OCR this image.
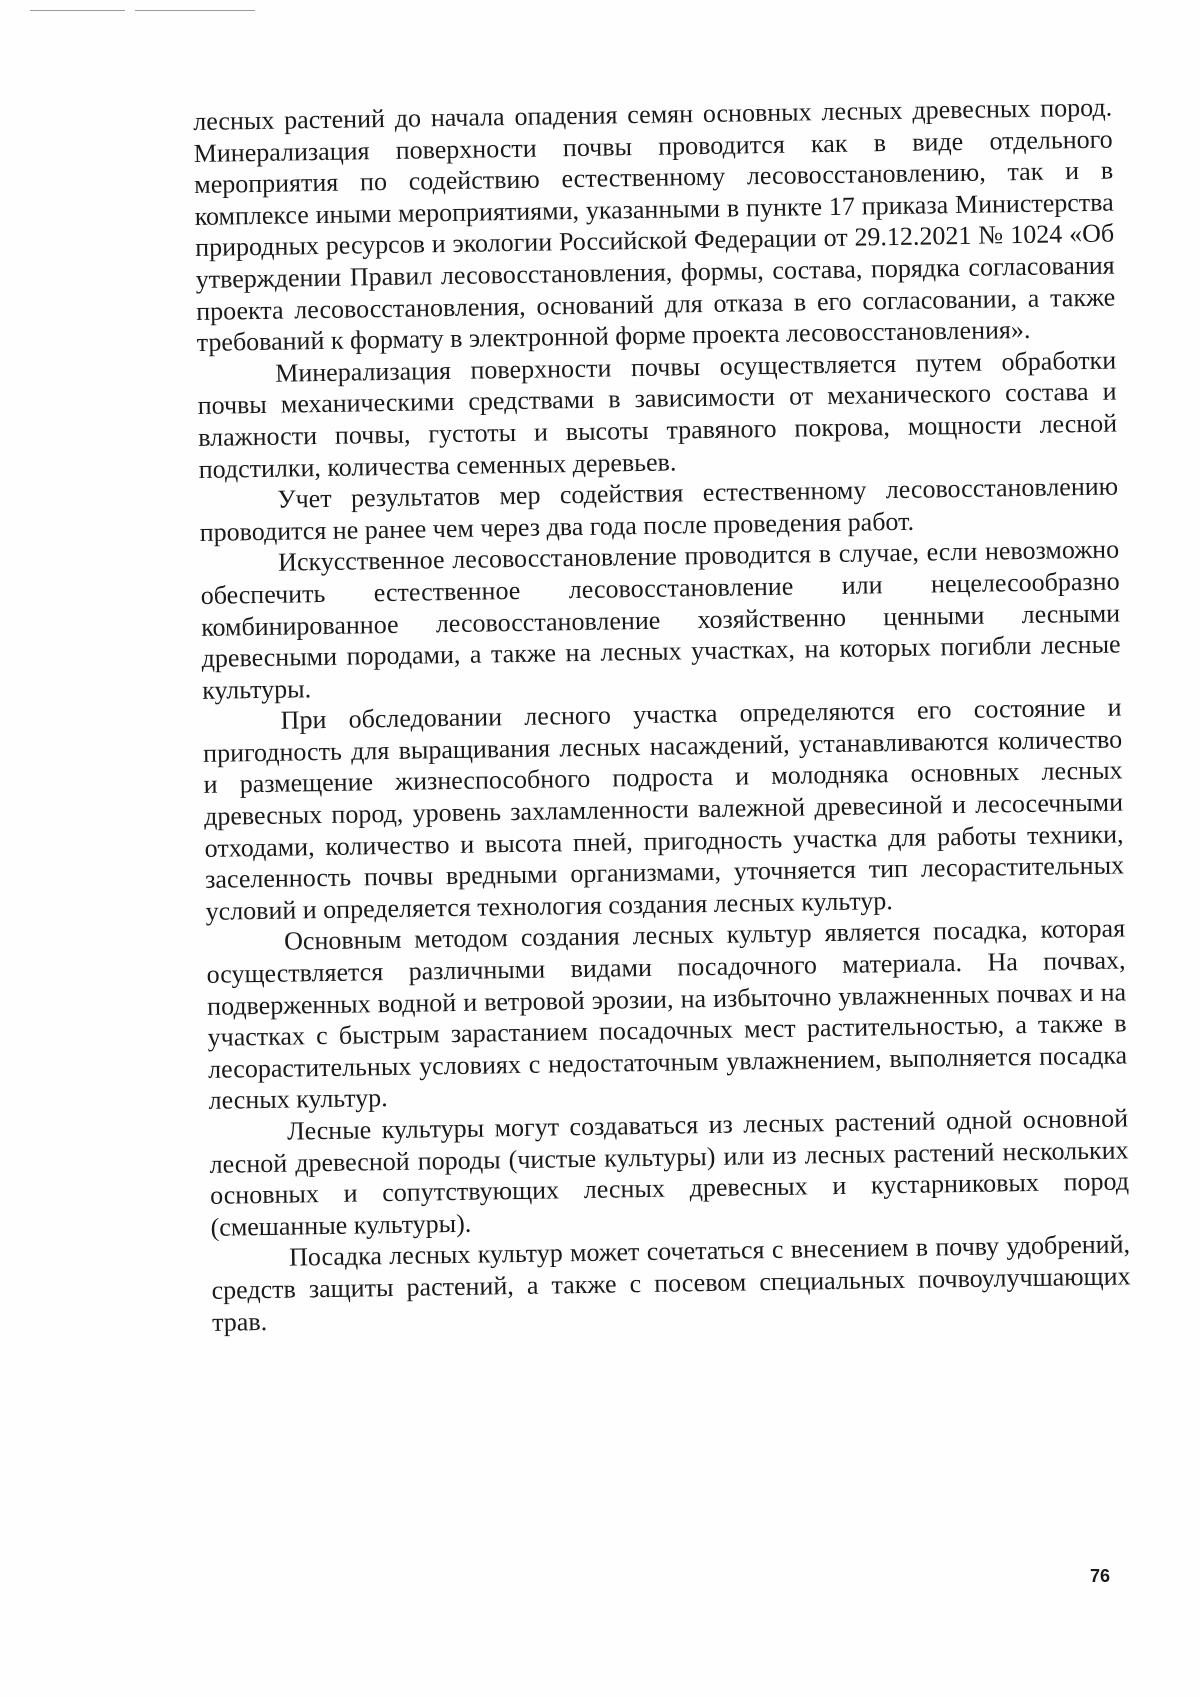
лесных растений до начала опадения семян основных лесных древесных пород. Минерализация поверхности почвы проводится как в виде отдельного мероприятия по содействию естественному лесовосстановлению, так и в комплексе иными мероприятиями, указанными в пункте 17 приказа Министерства природных ресурсов и экологии Российской Федерации от 29.12.2021 № 1024 «Об утверждении Правил лесовосстановления, формы, состава, порядка согласования проекта лесовосстановления, оснований для отказа в его согласовании, а также требований к формату в электронной форме проекта лесовосстановления».

Минерализация поверхности почвы осуществляется путем обработки почвы механическими средствами в зависимости от механического состава и влажности почвы, густоты и высоты травяного покрова, мощности лесной подстилки, количества семенных деревьев.

Учет результатов мер содействия естественному лесовосстановлению проводится не ранее чем через два года после проведения работ.

Искусственное лесовосстановление проводится в случае, если невозможно обеспечить естественное лесовосстановление или нецелесообразно комбинированное лесовосстановление хозяйственно ценными лесными древесными породами, а также на лесных участках, на которых погибли лесные культуры.

При обследовании лесного участка определяются его состояние и пригодность для выращивания лесных насаждений, устанавливаются количество и размещение жизнеспособного подроста и молодняка основных лесных древесных пород, уровень захламленности валежной древесиной и лесосечными отходами, количество и высота пней, пригодность участка для работы техники, заселенность почвы вредными организмами, уточняется тип лесорастительных условий и определяется технология создания лесных культур.

Основным методом создания лесных культур является посадка, которая осуществляется различными видами посадочного материала. На почвах, подверженных водной и ветровой эрозии, на избыточно увлажненных почвах и на участках с быстрым зарастанием посадочных мест растительностью, а также в лесорастительных условиях с недостаточным увлажнением, выполняется посадка лесных культур.

Лесные культуры могут создаваться из лесных растений одной основной лесной древесной породы (чистые культуры) или из лесных растений нескольких основных и сопутствующих лесных древесных и кустарниковых пород (смешанные культуры).

Посадка лесных культур может сочетаться с внесением в почву удобрений, средств защиты растений, а также с посевом специальных почвоулучшающих трав.

76
